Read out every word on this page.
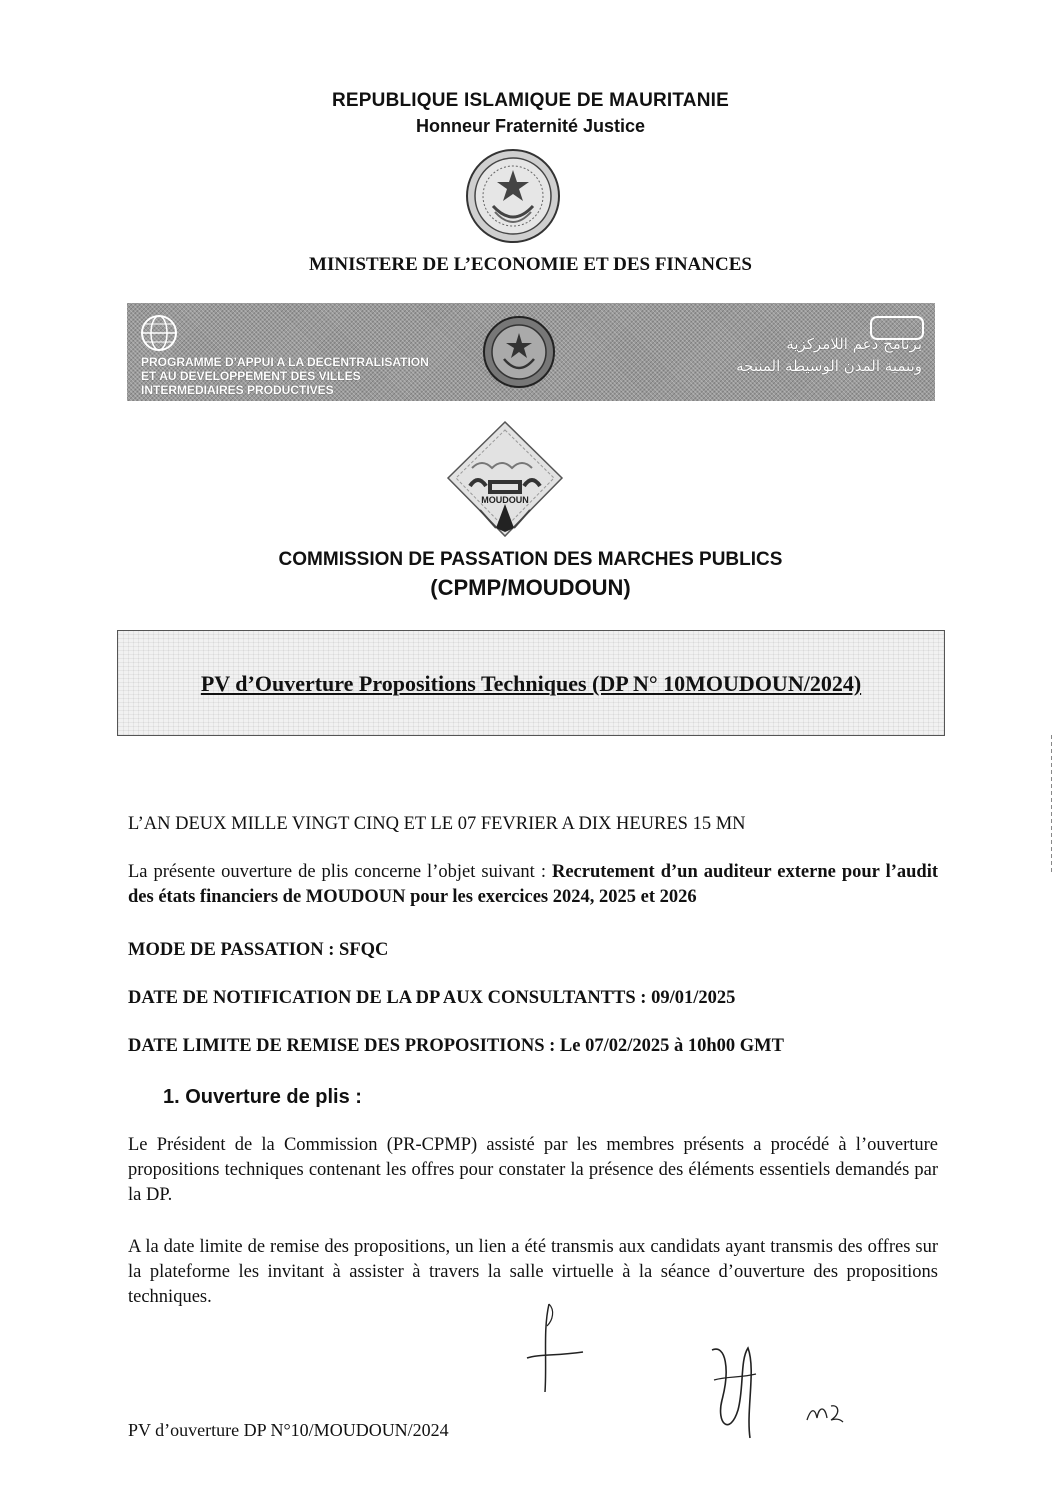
REPUBLIQUE ISLAMIQUE DE MAURITANIE
Honneur Fraternité Justice
MINISTERE DE L’ECONOMIE ET DES FINANCES
PROGRAMME D’APPUI A LA DECENTRALISATION
ET AU DEVELOPPEMENT DES VILLES
INTERMEDIAIRES PRODUCTIVES
برنامج دعم اللامركزية
وتنمية المدن الوسيطة المنتجة
MOUDOUN
COMMISSION DE PASSATION DES MARCHES PUBLICS
(CPMP/MOUDOUN)
PV d’Ouverture Propositions Techniques (DP N° 10MOUDOUN/2024)
L’AN DEUX MILLE VINGT CINQ ET LE 07 FEVRIER A DIX HEURES 15 MN
La présente ouverture de plis concerne l’objet suivant : Recrutement d’un auditeur externe pour l’audit des états financiers de MOUDOUN pour les exercices 2024, 2025 et 2026
MODE DE PASSATION : SFQC
DATE DE NOTIFICATION DE LA DP AUX CONSULTANTTS : 09/01/2025
DATE LIMITE DE REMISE DES PROPOSITIONS : Le 07/02/2025 à 10h00 GMT
1. Ouverture de plis :
Le Président de la Commission (PR-CPMP) assisté par les membres présents a procédé à l’ouverture propositions techniques contenant les offres pour constater la présence des éléments essentiels demandés par la DP.
A la date limite de remise des propositions, un lien a été transmis aux candidats ayant transmis des offres sur la plateforme les invitant à assister à travers la salle virtuelle à la séance d’ouverture des propositions techniques.
PV d’ouverture DP N°10/MOUDOUN/2024
